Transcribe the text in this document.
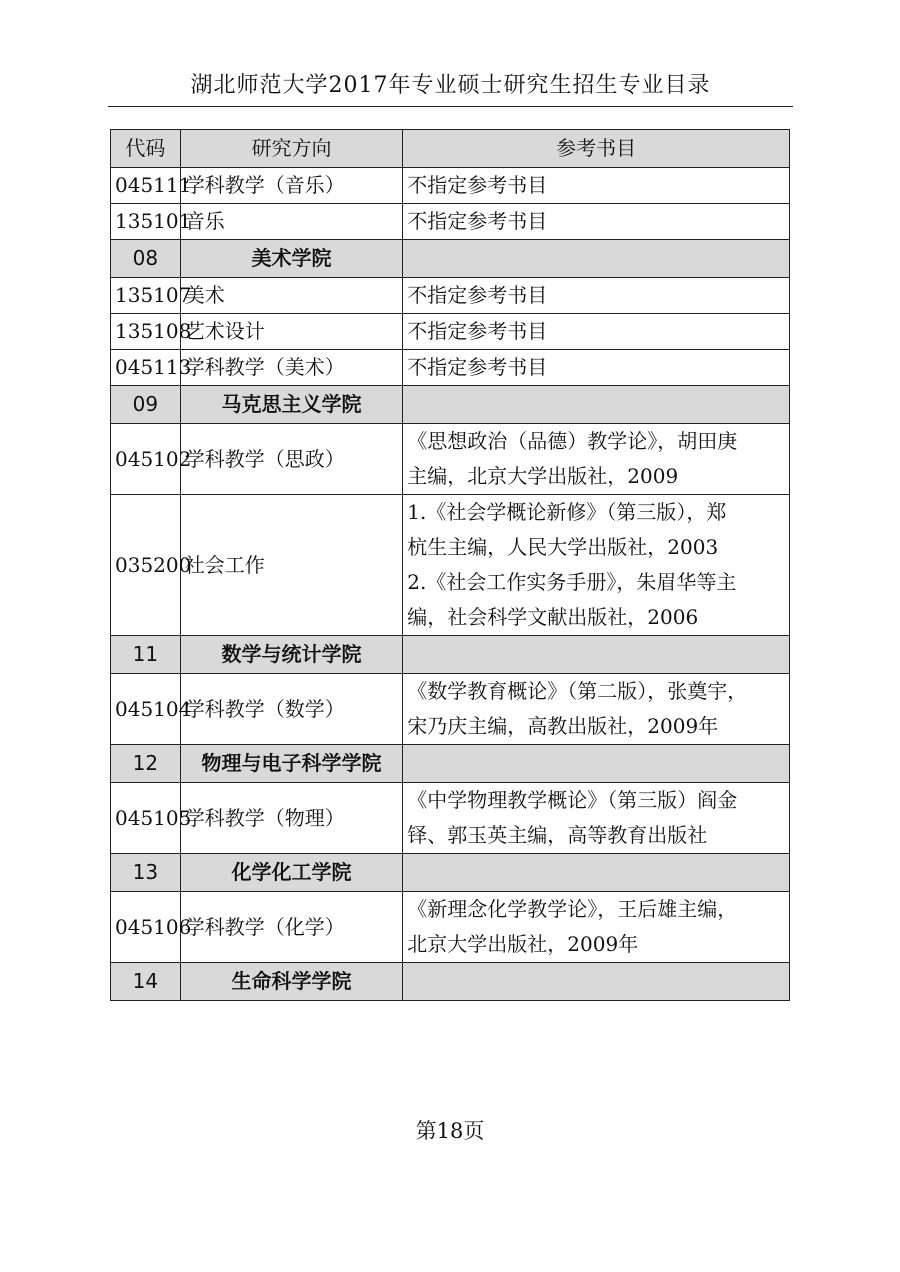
湖北师范大学2017年专业硕士研究生招生专业目录
代码	研究方向	参考书目
045111	学科教学（音乐）	不指定参考书目

135101	音乐	不指定参考书目

08	美术学院	
135107	美术	不指定参考书目

135108	艺术设计	不指定参考书目

045113	学科教学（美术）	不指定参考书目

09	马克思主义学院	
045102	学科教学（思政）	《思想政治（品德）教学论》，胡田庚
主编，北京大学出版社，2009

035200	社会工作	1.《社会学概论新修》（第三版），郑
杭生主编，人民大学出版社，2003
2.《社会工作实务手册》，朱眉华等主
编，社会科学文献出版社，2006

11	数学与统计学院	
045104	学科教学（数学）	《数学教育概论》（第二版），张奠宇，
宋乃庆主编，高教出版社，2009年

12	物理与电子科学学院	
045105	学科教学（物理）	《中学物理教学概论》（第三版）阎金
铎、郭玉英主编，高等教育出版社

13	化学化工学院	
045106	学科教学（化学）	《新理念化学教学论》，王后雄主编，
北京大学出版社，2009年

14	生命科学学院	
第18页
